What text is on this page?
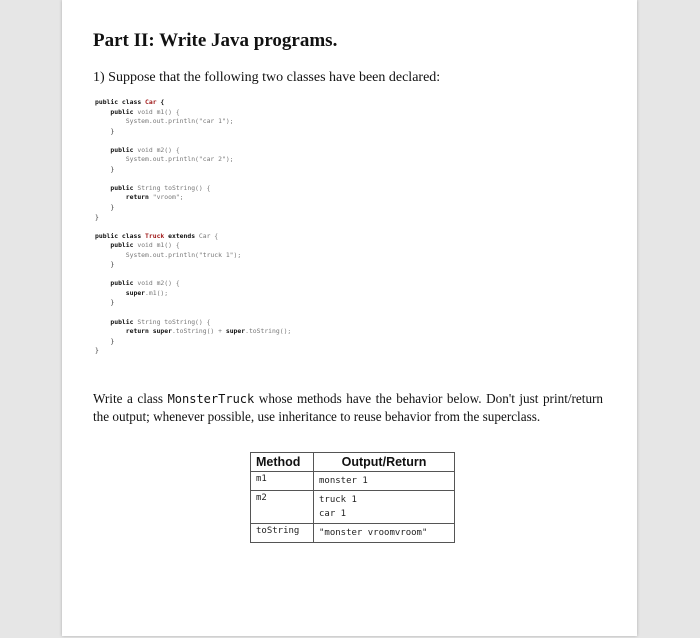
Part II: Write Java programs.
1) Suppose that the following two classes have been declared:
public class Car {
public void m1() {
System.out.println("car 1");
}

public void m2() {
System.out.println("car 2");
}

public String toString() {
return "vroom";
}
}

public class Truck extends Car {
public void m1() {
System.out.println("truck 1");
}

public void m2() {
super.m1();
}

public String toString() {
return super.toString() + super.toString();
}
}
Write a class MonsterTruck whose methods have the behavior below. Don't just print/return the output; whenever possible, use inheritance to reuse behavior from the superclass.
Method	Output/Return
m1	monster 1

m2	truck 1
car 1

toString	"monster vroomvroom"
